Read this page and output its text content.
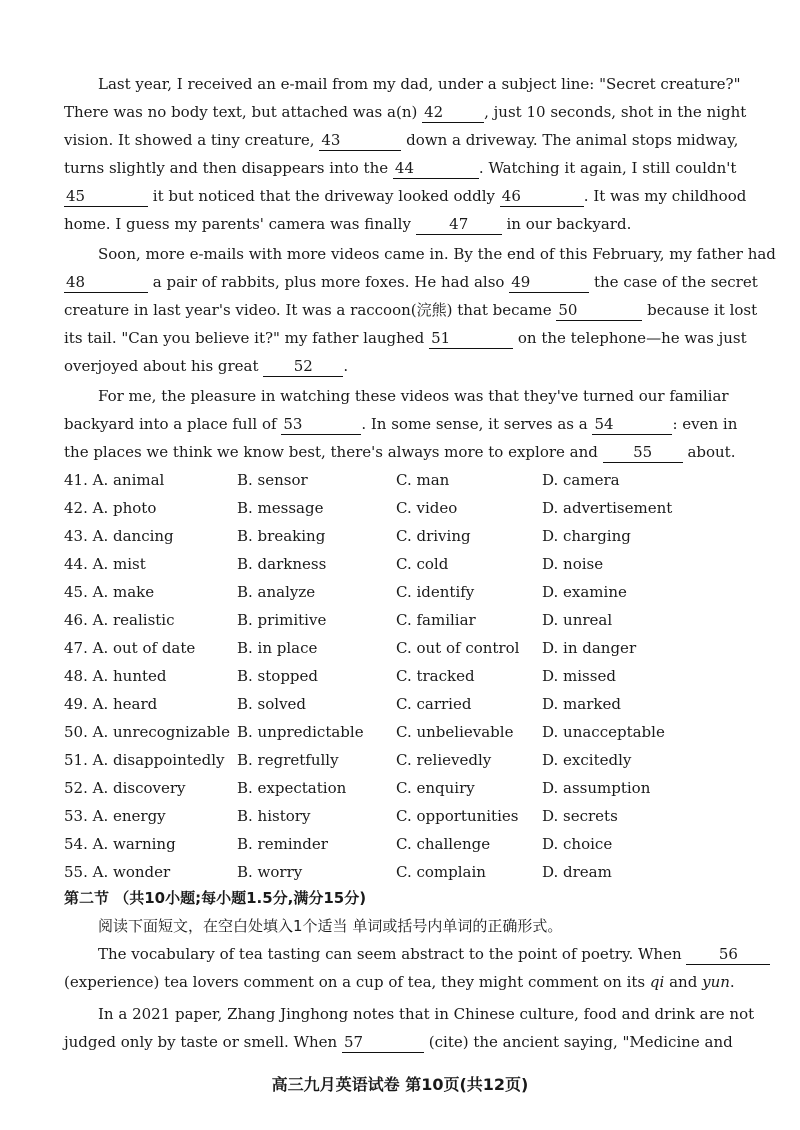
Last year, I received an e-mail from my dad, under a subject line: "Secret creature?"
There was no body text, but attached was a(n) 42	, just 10 seconds, shot in the night
vision. It showed a tiny creature, 43	down a driveway. The animal stops midway,
turns slightly and then disappears into the 44	. Watching it again, I still couldn't
45	it but noticed that the driveway looked oddly 46	. It was my childhood
home. I guess my parents' camera was finally	47	in our backyard.
Soon, more e-mails with more videos came in. By the end of this February, my father had
48	a pair of rabbits, plus more foxes. He had also 49	the case of the secret
creature in last year's video. It was a raccoon(浣熊) that became 50	because it lost
its tail. "Can you believe it?" my father laughed 51	on the telephone—he was just
overjoyed about his great 52 .
For me, the pleasure in watching these videos was that they've turned our familiar
backyard into a place full of 53	. In some sense, it serves as a 54	: even in
the places we think we know best, there's always more to explore and 55 about.
41. A. animal	B. sensor	C. man	D. camera
42. A. photo	B. message	C. video	D. advertisement
43. A. dancing	B. breaking	C. driving	D. charging
44. A. mist	B. darkness	C. cold	D. noise
45. A. make	B. analyze	C. identify	D. examine
46. A. realistic	B. primitive	C. familiar	D. unreal
47. A. out of date	B. in place	C. out of control D. in danger
48. A. hunted	B. stopped	C. tracked	D. missed
49. A. heard	B. solved	C. carried	D. marked
50. A. unrecognizable B. unpredictable C. unbelievable D. unacceptable
51. A. disappointedly B. regretfully	C. relievedly	D. excitedly
52. A. discovery	B. expectation	C. enquiry	D. assumption
53. A. energy	B. history	C. opportunities D. secrets
54. A. warning	B. reminder	C. challenge	D. choice
55. A. wonder	B. worry	C. complain	D. dream
第二节 （共10小题;每小题1.5分,满分15分)
阅读下面短文，在空白处填入1个适当 单词或括号内单词的正确形式。
The vocabulary of tea tasting can seem abstract to the point of poetry. When 56
(experience) tea lovers comment on a cup of tea, they might comment on its qi and yun.
In a 2021 paper, Zhang Jinghong notes that in Chinese culture, food and drink are not
judged only by taste or smell. When 57	(cite) the ancient saying, "Medicine and
高三九月英语试卷 第10页(共12页)
